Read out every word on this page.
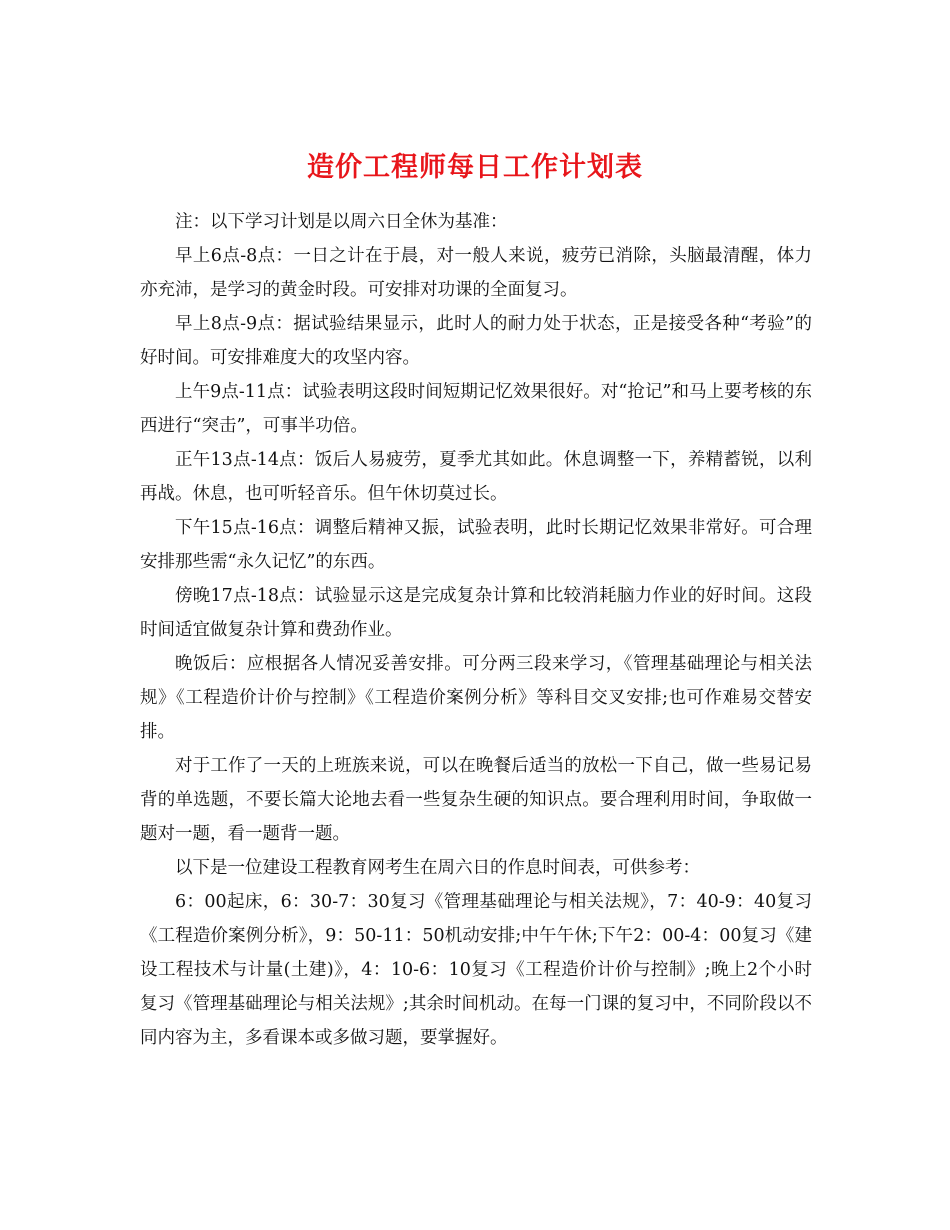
造价工程师每日工作计划表

注：以下学习计划是以周六日全休为基准：

早上6点-8点：一日之计在于晨，对一般人来说，疲劳已消除，头脑最清醒，体力亦充沛，是学习的黄金时段。可安排对功课的全面复习。

早上8点-9点：据试验结果显示，此时人的耐力处于状态，正是接受各种“考验”的好时间。可安排难度大的攻坚内容。

上午9点-11点：试验表明这段时间短期记忆效果很好。对“抢记”和马上要考核的东西进行“突击”，可事半功倍。

正午13点-14点：饭后人易疲劳，夏季尤其如此。休息调整一下，养精蓄锐，以利再战。休息，也可听轻音乐。但午休切莫过长。

下午15点-16点：调整后精神又振，试验表明，此时长期记忆效果非常好。可合理安排那些需“永久记忆”的东西。

傍晚17点-18点：试验显示这是完成复杂计算和比较消耗脑力作业的好时间。这段时间适宜做复杂计算和费劲作业。

晚饭后：应根据各人情况妥善安排。可分两三段来学习，《管理基础理论与相关法规》《工程造价计价与控制》《工程造价案例分析》等科目交叉安排;也可作难易交替安排。

对于工作了一天的上班族来说，可以在晚餐后适当的放松一下自己，做一些易记易背的单选题，不要长篇大论地去看一些复杂生硬的知识点。要合理利用时间，争取做一题对一题，看一题背一题。

以下是一位建设工程教育网考生在周六日的作息时间表，可供参考：

6：00起床，6：30-7：30复习《管理基础理论与相关法规》，7：40-9：40复习《工程造价案例分析》，9：50-11：50机动安排;中午午休;下午2：00-4：00复习《建设工程技术与计量(土建)》，4：10-6：10复习《工程造价计价与控制》;晚上2个小时复习《管理基础理论与相关法规》;其余时间机动。在每一门课的复习中，不同阶段以不同内容为主，多看课本或多做习题，要掌握好。
